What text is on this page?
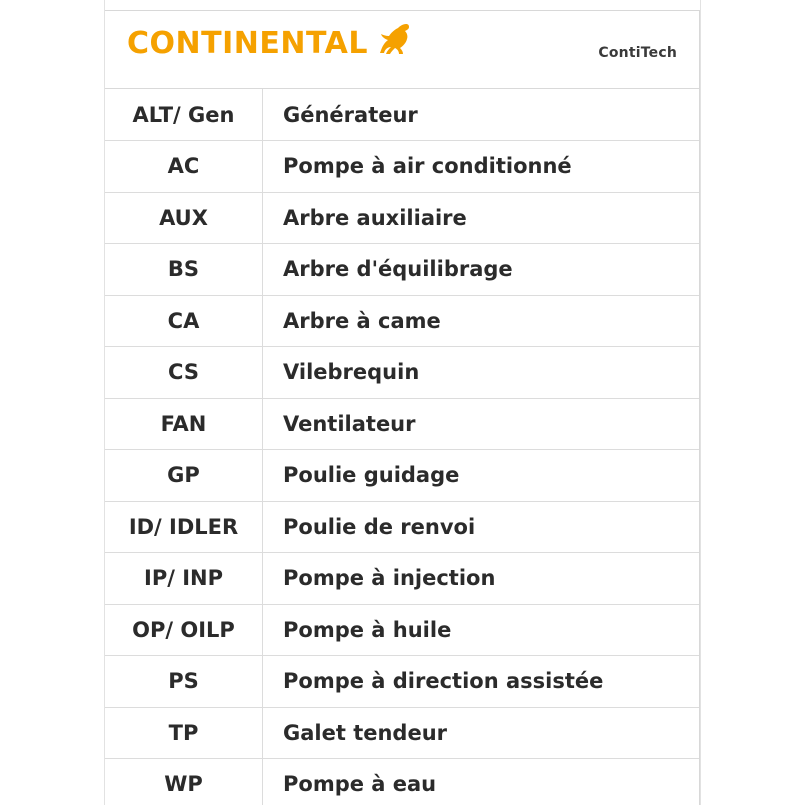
CONTINENTAL	ContiTech
ALT/ Gen	Générateur
AC	Pompe à air conditionné
AUX	Arbre auxiliaire
BS	Arbre d'équilibrage
CA	Arbre à came
CS	Vilebrequin
FAN	Ventilateur
GP	Poulie guidage
ID/ IDLER	Poulie de renvoi
IP/ INP	Pompe à injection
OP/ OILP	Pompe à huile
PS	Pompe à direction assistée
TP	Galet tendeur
WP	Pompe à eau
